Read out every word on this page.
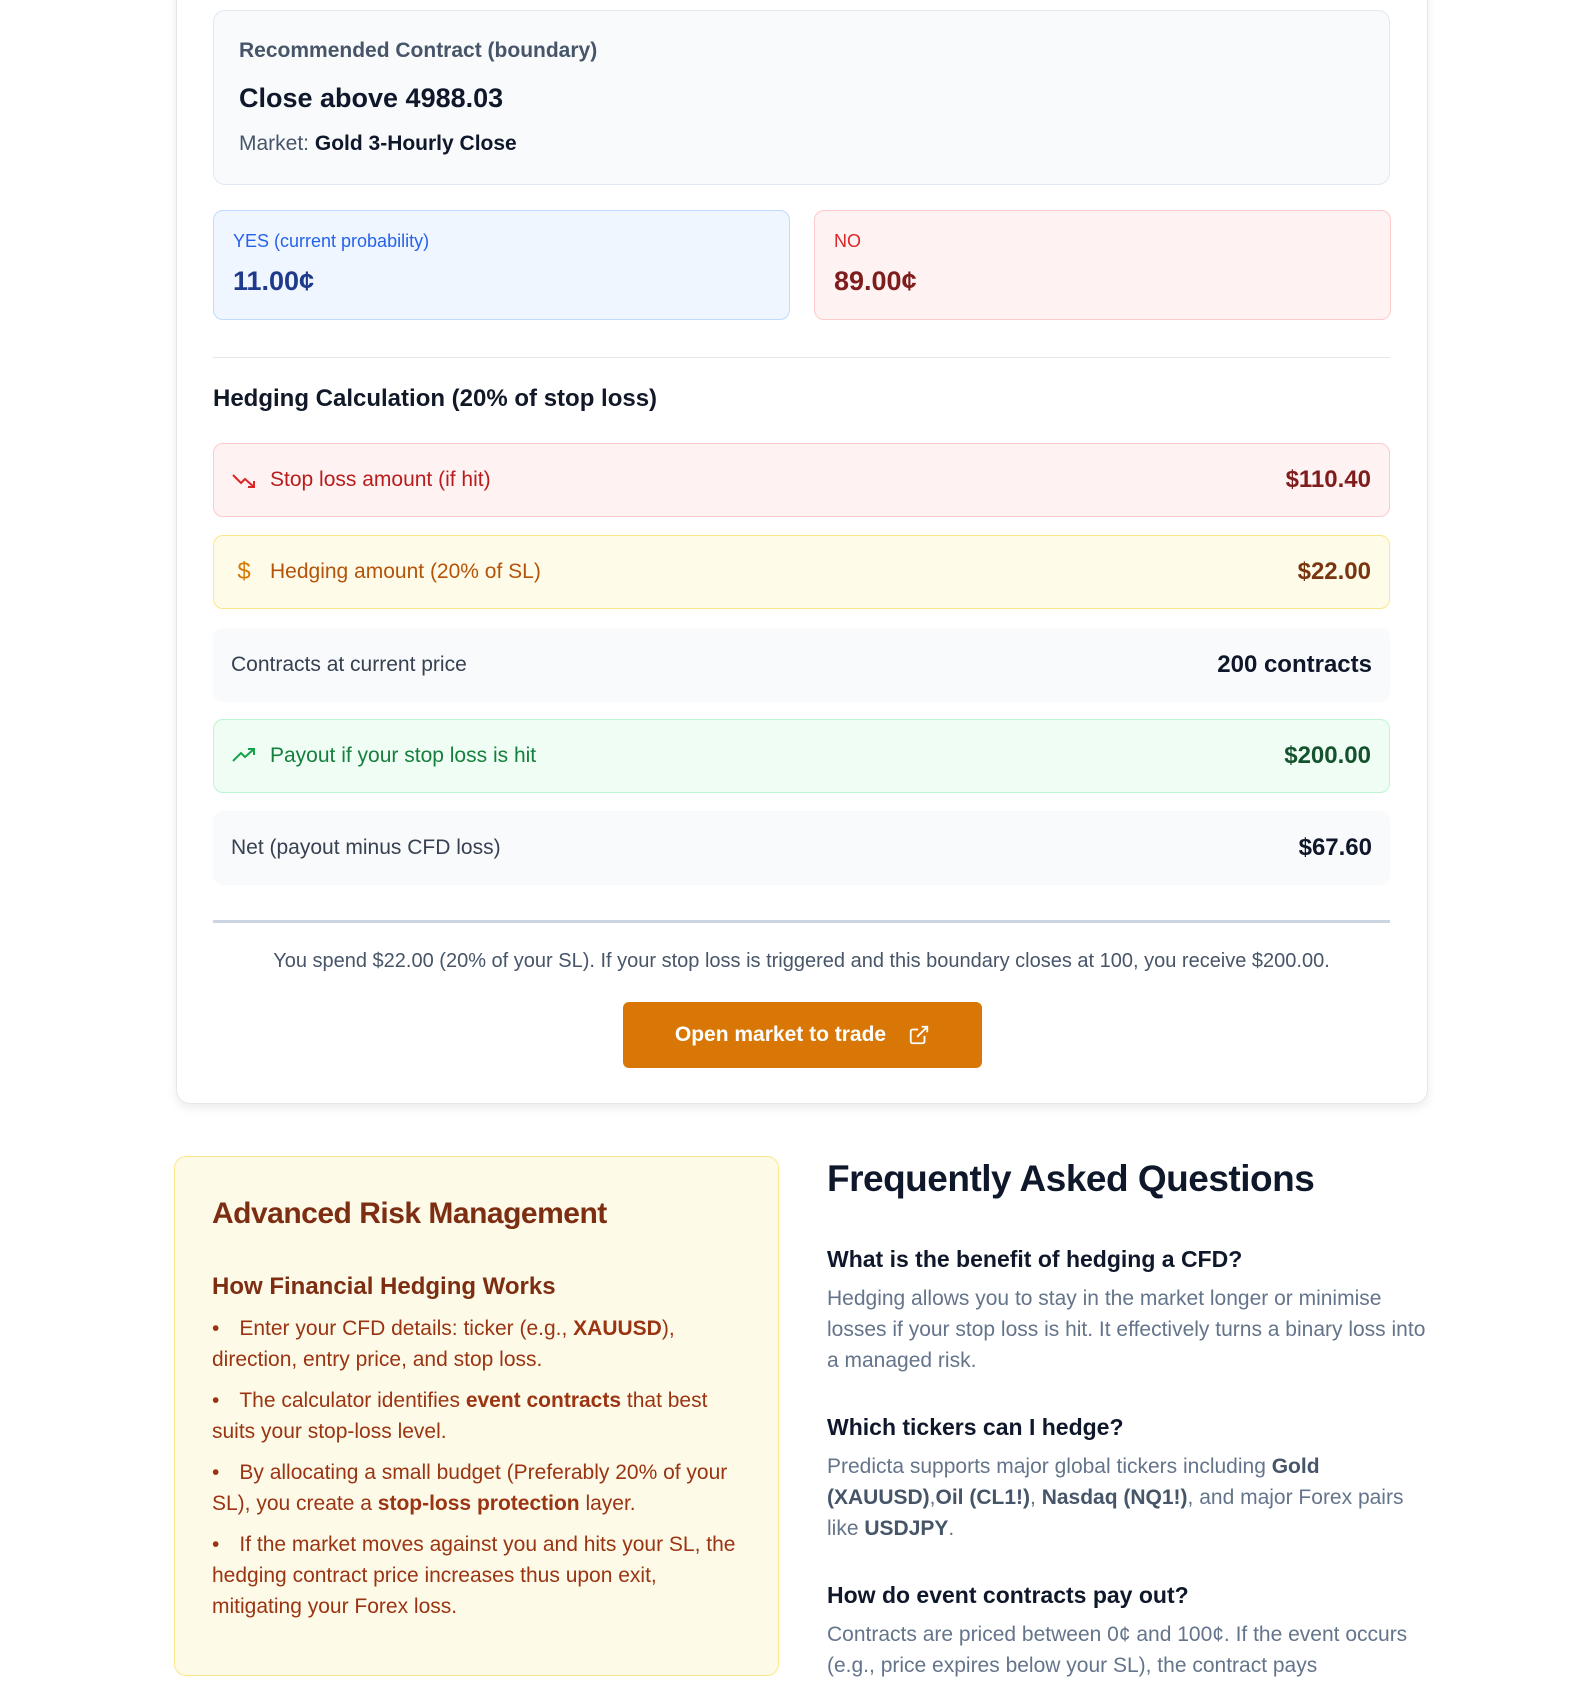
Recommended Contract (boundary)
Close above 4988.03
Market: Gold 3-Hourly Close
YES (current probability)
11.00¢
NO
89.00¢
Hedging Calculation (20% of stop loss)
Stop loss amount (if hit)	$110.40
$ Hedging amount (20% of SL)	$22.00
Contracts at current price	200 contracts
Payout if your stop loss is hit	$200.00
Net (payout minus CFD loss)	$67.60
You spend $22.00 (20% of your SL). If your stop loss is triggered and this boundary closes at 100, you receive $200.00.
Open market to trade
Advanced Risk Management
How Financial Hedging Works
• Enter your CFD details: ticker (e.g., XAUUSD), direction, entry price, and stop loss.
• The calculator identifies event contracts that best suits your stop-loss level.
• By allocating a small budget (Preferably 20% of your SL), you create a stop-loss protection layer.
• If the market moves against you and hits your SL, the hedging contract price increases thus upon exit, mitigating your Forex loss.
Frequently Asked Questions
What is the benefit of hedging a CFD?

Hedging allows you to stay in the market longer or minimise losses if your stop loss is hit. It effectively turns a binary loss into a managed risk.

Which tickers can I hedge?

Predicta supports major global tickers including Gold (XAUUSD),Oil (CL1!), Nasdaq (NQ1!), and major Forex pairs like USDJPY.

How do event contracts pay out?

Contracts are priced between 0¢ and 100¢. If the event occurs (e.g., price expires below your SL), the contract pays
